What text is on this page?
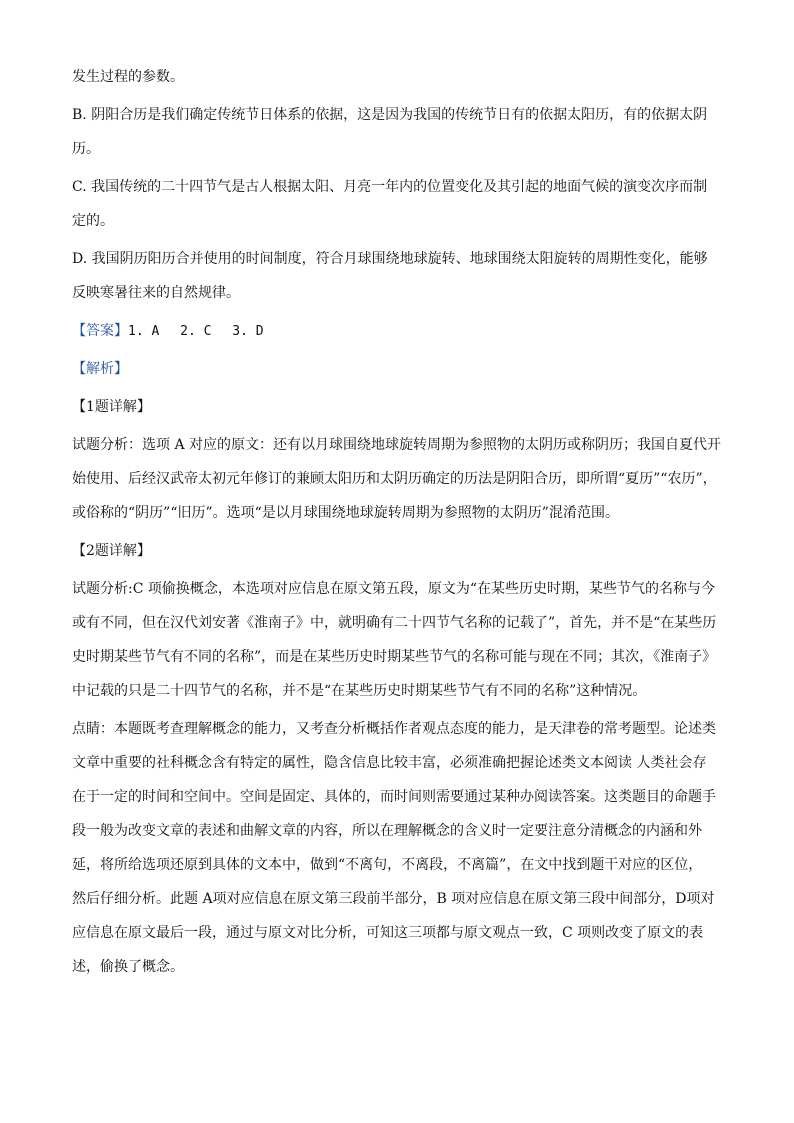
发生过程的参数。
B. 阴阳合历是我们确定传统节日体系的依据，这是因为我国的传统节日有的依据太阳历，有的依据太阴
历。
C. 我国传统的二十四节气是古人根据太阳、月亮一年内的位置变化及其引起的地面气候的演变次序而制
定的。
D. 我国阴历阳历合并使用的时间制度，符合月球围绕地球旋转、地球围绕太阳旋转的周期性变化，能够
反映寒暑往来的自然规律。
【答案】1. A　 2. C　 3. D
【解析】
【1题详解】
试题分析：选项 A 对应的原文：还有以月球围绕地球旋转周期为参照物的太阴历或称阴历；我国自夏代开
始使用、后经汉武帝太初元年修订的兼顾太阳历和太阴历确定的历法是阴阳合历，即所谓“夏历”“农历”，
或俗称的“阴历”“旧历”。选项“是以月球围绕地球旋转周期为参照物的太阴历”混淆范围。
【2题详解】
试题分析:C 项偷换概念，本选项对应信息在原文第五段，原文为“在某些历史时期，某些节气的名称与今
或有不同，但在汉代刘安著《淮南子》中，就明确有二十四节气名称的记载了”，首先，并不是“在某些历
史时期某些节气有不同的名称”，而是在某些历史时期某些节气的名称可能与现在不同；其次，《淮南子》
中记载的只是二十四节气的名称，并不是“在某些历史时期某些节气有不同的名称”这种情况。
点睛：本题既考查理解概念的能力，又考查分析概括作者观点态度的能力，是天津卷的常考题型。论述类
文章中重要的社科概念含有特定的属性，隐含信息比较丰富，必须准确把握论述类文本阅读 人类社会存
在于一定的时间和空间中。空间是固定、具体的，而时间则需要通过某种办阅读答案。这类题目的命题手
段一般为改变文章的表述和曲解文章的内容，所以在理解概念的含义时一定要注意分清概念的内涵和外
延，将所给选项还原到具体的文本中，做到“不离句，不离段，不离篇”，在文中找到题干对应的区位，
然后仔细分析。此题 A项对应信息在原文第三段前半部分，B 项对应信息在原文第三段中间部分，D项对
应信息在原文最后一段，通过与原文对比分析，可知这三项都与原文观点一致，C 项则改变了原文的表
述，偷换了概念。
